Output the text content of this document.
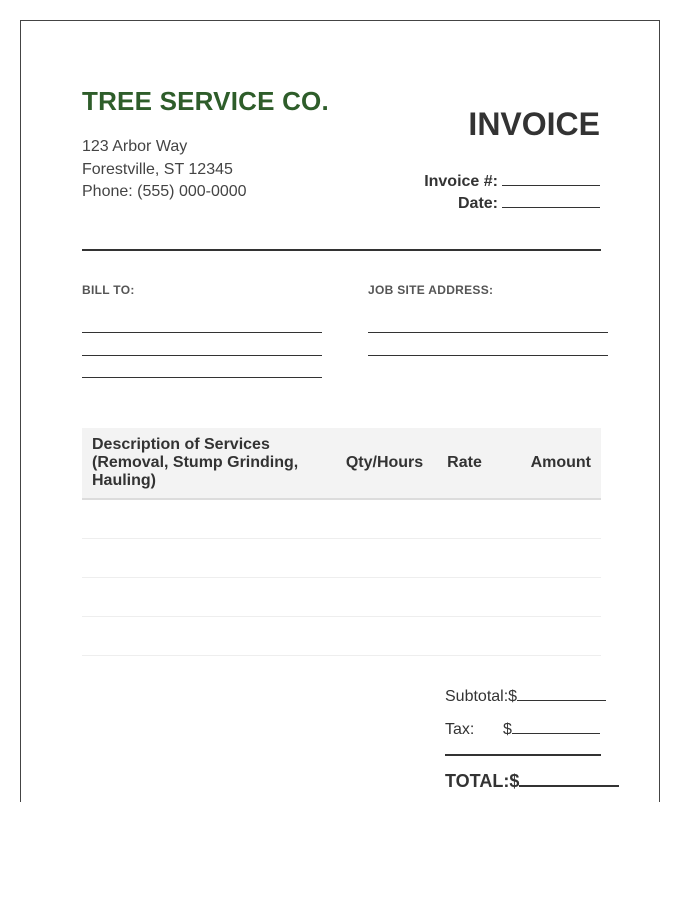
TREE SERVICE CO.
123 Arbor Way
Forestville, ST 12345
Phone: (555) 000-0000
INVOICE
Invoice #:
Date:
BILL TO:	JOB SITE ADDRESS:
Description of Services (Removal, Stump Grinding, Hauling)	Qty/Hours	Rate	Amount

Subtotal:$
Tax:	$
TOTAL:$
